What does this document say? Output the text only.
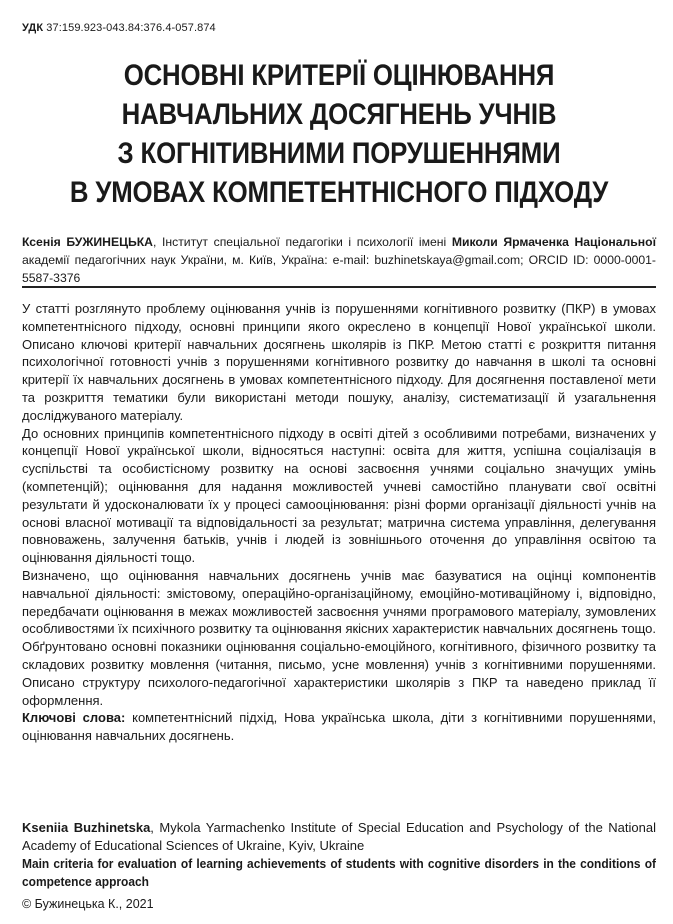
УДК 37:159.923-043.84:376.4-057.874
ОСНОВНІ КРИТЕРІЇ ОЦІНЮВАННЯ
НАВЧАЛЬНИХ ДОСЯГНЕНЬ УЧНІВ
З КОГНІТИВНИМИ ПОРУШЕННЯМИ
В УМОВАХ КОМПЕТЕНТНІСНОГО ПІДХОДУ
Ксенія БУЖИНЕЦЬКА, Інститут спеціальної педагогіки і психології імені Миколи Ярмаченка Національної
академії педагогічних наук України, м. Київ, Україна: e-mail: buzhinetskaya@gmail.com; ORCID ID: 0000-0001-5587-3376

У статті розглянуто проблему оцінювання учнів із порушеннями когнітивного розвитку (ПКР) в умовах компетентнісного підходу, основні принципи якого окреслено в концепції Нової української школи. Описано ключові критерії навчальних досягнень школярів із ПКР. Метою статті є розкриття питання психологічної готовності учнів з порушеннями когнітивного розвитку до навчання в школі та основні критерії їх навчальних досягнень в умовах компетентнісного підходу. Для досягнення поставленої мети та розкриття тематики були використані методи пошуку, аналізу, систематизації й узагальнення досліджуваного матеріалу.

До основних принципів компетентнісного підходу в освіті дітей з особливими потребами, визначених у концепції Нової української школи, відносяться наступні: освіта для життя, успішна соціалізація в суспільстві та особистісному розвитку на основі засвоєння учнями соціально значущих умінь (компетенцій); оцінювання для надання можливостей учневі самостійно планувати свої освітні результати й удосконалювати їх у процесі самооцінювання: різні форми організації діяльності учнів на основі власної мотивації та відповідальності за результат; матрична система управління, делегування повноважень, залучення батьків, учнів і людей із зовнішнього оточення до управління освітою та оцінювання діяльності тощо.

Визначено, що оцінювання навчальних досягнень учнів має базуватися на оцінці компонентів навчальної діяльності: змістовому, операційно-організаційному, емоційно-мотиваційному і, відповідно, передбачати оцінювання в межах можливостей засвоєння учнями програмового матеріалу, зумовлених особливостями їх психічного розвитку та оцінювання якісних характеристик навчальних досягнень тощо. Обґрунтовано основні показники оцінювання соціально-емоційного, когнітивного, фізичного розвитку та складових розвитку мовлення (читання, письмо, усне мовлення) учнів з когнітивними порушеннями. Описано структуру психолого-педагогічної характеристики школярів з ПКР та наведено приклад її оформлення.

Ключові слова: компетентнісний підхід, Нова українська школа, діти з когнітивними порушеннями, оцінювання навчальних досягнень.

Kseniia Buzhinetska, Mykola Yarmachenko Institute of Special Education and Psychology of the National Academy of Educational Sciences of Ukraine, Kyiv, Ukraine

Main criteria for evaluation of learning achievements of students with cognitive disorders in the conditions of competence approach

© Бужинецька К., 2021
